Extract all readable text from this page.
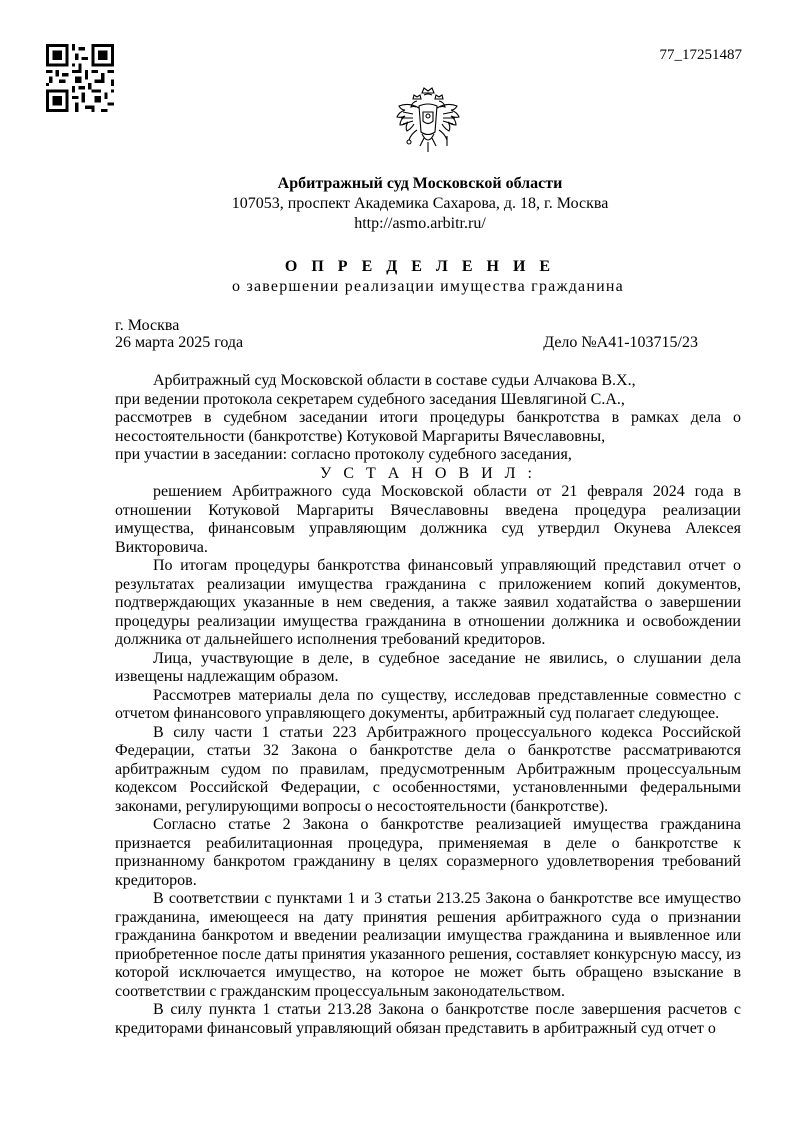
77_17251487
Арбитражный суд Московской области
107053, проспект Академика Сахарова, д. 18, г. Москва
http://asmo.arbitr.ru/
О П Р Е Д Е Л Е Н И Е
о завершении реализации имущества гражданина
г. Москва
26 марта 2025 года	Дело №А41-103715/23

Арбитражный суд Московской области в составе судьи Алчакова В.Х.,

при ведении протокола секретарем судебного заседания Шевлягиной С.А.,

рассмотрев в судебном заседании итоги процедуры банкротства в рамках дела о несостоятельности (банкротстве) Котуковой Маргариты Вячеславовны,

при участии в заседании: согласно протоколу судебного заседания,

У С Т А Н О В И Л :

решением Арбитражного суда Московской области от 21 февраля 2024 года в отношении Котуковой Маргариты Вячеславовны введена процедура реализации имущества, финансовым управляющим должника суд утвердил Окунева Алексея Викторовича.

По итогам процедуры банкротства финансовый управляющий представил отчет о результатах реализации имущества гражданина с приложением копий документов, подтверждающих указанные в нем сведения, а также заявил ходатайства о завершении процедуры реализации имущества гражданина в отношении должника и освобождении должника от дальнейшего исполнения требований кредиторов.

Лица, участвующие в деле, в судебное заседание не явились, о слушании дела извещены надлежащим образом.

Рассмотрев материалы дела по существу, исследовав представленные совместно с отчетом финансового управляющего документы, арбитражный суд полагает следующее.

В силу части 1 статьи 223 Арбитражного процессуального кодекса Российской Федерации, статьи 32 Закона о банкротстве дела о банкротстве рассматриваются арбитражным судом по правилам, предусмотренным Арбитражным процессуальным кодексом Российской Федерации, с особенностями, установленными федеральными законами, регулирующими вопросы о несостоятельности (банкротстве).

Согласно статье 2 Закона о банкротстве реализацией имущества гражданина признается реабилитационная процедура, применяемая в деле о банкротстве к признанному банкротом гражданину в целях соразмерного удовлетворения требований кредиторов.

В соответствии с пунктами 1 и 3 статьи 213.25 Закона о банкротстве все имущество гражданина, имеющееся на дату принятия решения арбитражного суда о признании гражданина банкротом и введении реализации имущества гражданина и выявленное или приобретенное после даты принятия указанного решения, составляет конкурсную массу, из которой исключается имущество, на которое не может быть обращено взыскание в соответствии с гражданским процессуальным законодательством.

В силу пункта 1 статьи 213.28 Закона о банкротстве после завершения расчетов с кредиторами финансовый управляющий обязан представить в арбитражный суд отчет о
